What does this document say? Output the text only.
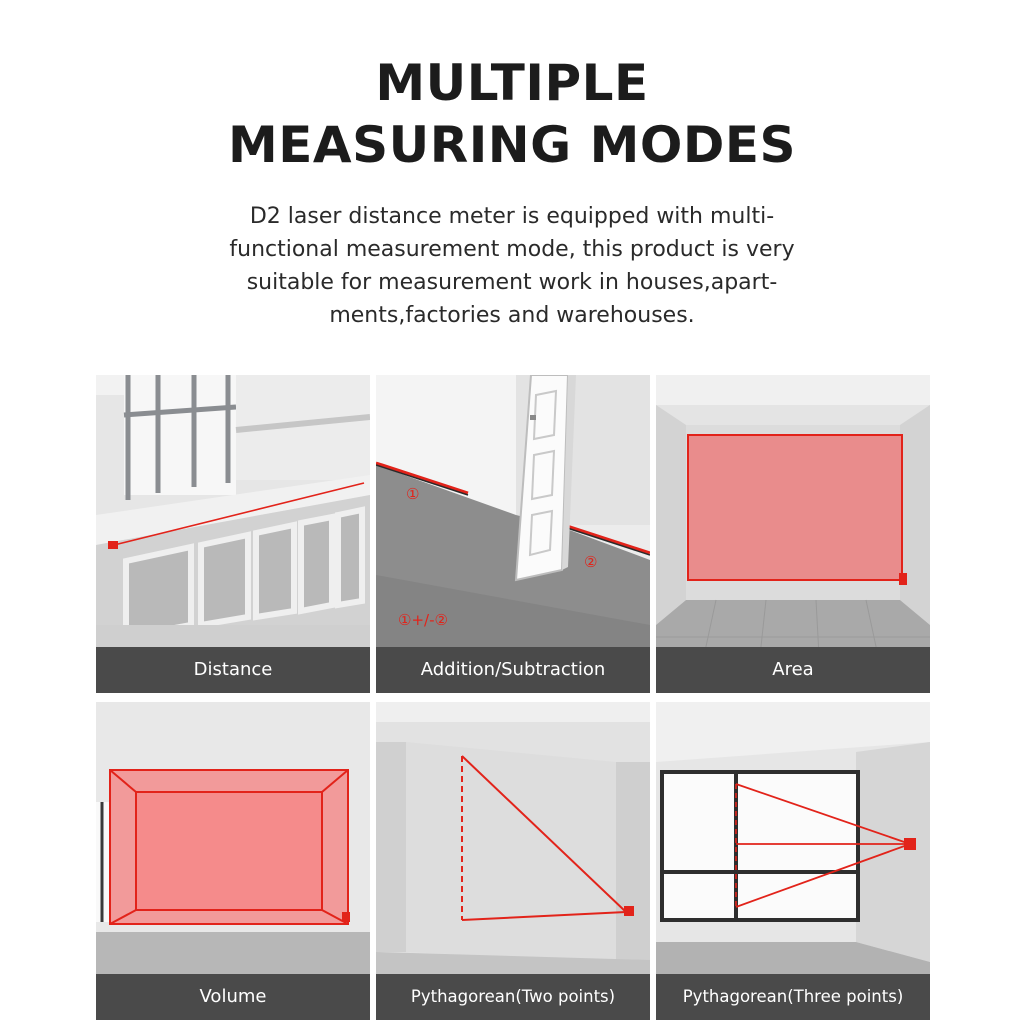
MULTIPLE
MEASURING MODES

D2 laser distance meter is equipped with multi-
functional measurement mode, this product is very
suitable for measurement work in houses,apart-
ments,factories and warehouses.

Distance
①
②
①+/-②
Addition/Subtraction	Area
Volume	Pythagorean(Two points)	Pythagorean(Three points)
